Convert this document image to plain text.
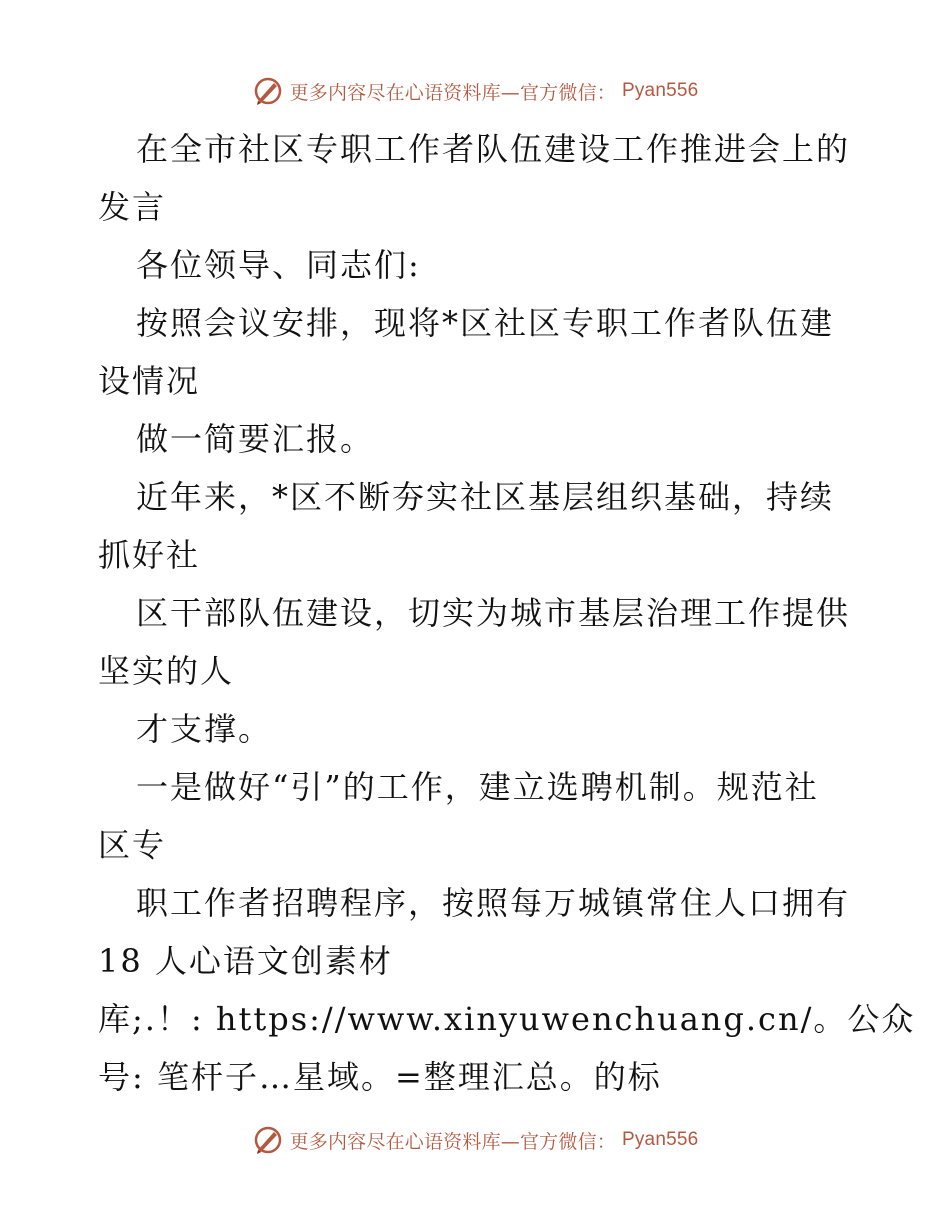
更多内容尽在心语资料库—官方微信： Pyan556
在全市社区专职工作者队伍建设工作推进会上的
发言
各位领导、同志们:
按照会议安排，现将*区社区专职工作者队伍建
设情况
做一简要汇报。
近年来，*区不断夯实社区基层组织基础，持续
抓好社
区干部队伍建设，切实为城市基层治理工作提供
坚实的人
才支撑。
一是做好“引”的工作，建立选聘机制。规范社
区专
职工作者招聘程序，按照每万城镇常住人口拥有
18 人心语文创素材
库;.！: https://www.xinyuwenchuang.cn/。公众
号: 笔杆子…星域。=整理汇总。的标
更多内容尽在心语资料库—官方微信： Pyan556
